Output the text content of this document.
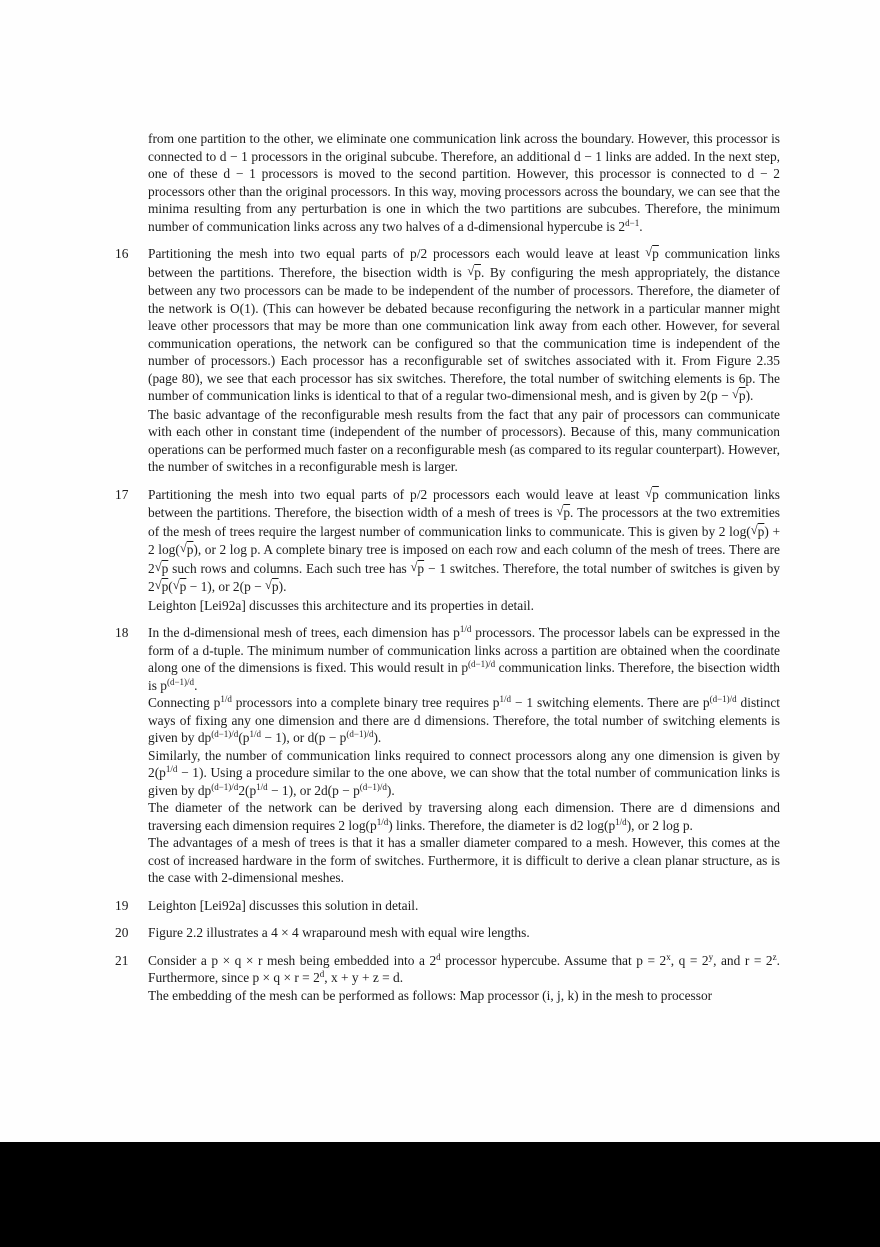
from one partition to the other, we eliminate one communication link across the boundary. However, this processor is connected to d − 1 processors in the original subcube. Therefore, an additional d − 1 links are added. In the next step, one of these d − 1 processors is moved to the second partition. However, this processor is connected to d − 2 processors other than the original processors. In this way, moving processors across the boundary, we can see that the minima resulting from any perturbation is one in which the two partitions are subcubes. Therefore, the minimum number of communication links across any two halves of a d-dimensional hypercube is $2^{d-1}$.

16	Partitioning the mesh into two equal parts of p/2 processors each would leave at least √p communication links between the partitions. Therefore, the bisection width is √p. By configuring the mesh appropriately, the distance between any two processors can be made to be independent of the number of processors. Therefore, the diameter of the network is O(1). (This can however be debated because reconfiguring the network in a particular manner might leave other processors that may be more than one communication link away from each other. However, for several communication operations, the network can be configured so that the communication time is independent of the number of processors.) Each processor has a reconfigurable set of switches associated with it. From Figure 2.35 (page 80), we see that each processor has six switches. Therefore, the total number of switching elements is 6p. The number of communication links is identical to that of a regular two-dimensional mesh, and is given by 2(p − √p).

The basic advantage of the reconfigurable mesh results from the fact that any pair of processors can communicate with each other in constant time (independent of the number of processors). Because of this, many communication operations can be performed much faster on a reconfigurable mesh (as compared to its regular counterpart). However, the number of switches in a reconfigurable mesh is larger.

17	Partitioning the mesh into two equal parts of p/2 processors each would leave at least √p communication links between the partitions. Therefore, the bisection width of a mesh of trees is √p. The processors at the two extremities of the mesh of trees require the largest number of communication links to communicate. This is given by 2 log(√p) + 2 log(√p), or 2 log p. A complete binary tree is imposed on each row and each column of the mesh of trees. There are 2√p such rows and columns. Each such tree has √p − 1 switches. Therefore, the total number of switches is given by 2√p(√p − 1), or 2(p − √p).

Leighton [Lei92a] discusses this architecture and its properties in detail.

18	In the d-dimensional mesh of trees, each dimension has $p^{1/d}$ processors. The processor labels can be expressed in the form of a d-tuple. The minimum number of communication links across a partition are obtained when the coordinate along one of the dimensions is fixed. This would result in $p^{(d-1)/d}$ communication links. Therefore, the bisection width is $p^{(d-1)/d}$.

Connecting $p^{1/d}$ processors into a complete binary tree requires $p^{1/d} - 1$ switching elements. There are $p^{(d-1)/d}$ distinct ways of fixing any one dimension and there are d dimensions. Therefore, the total number of switching elements is given by $dp^{(d-1)/d}(p^{1/d} - 1)$, or $d(p - p^{(d-1)/d})$.

Similarly, the number of communication links required to connect processors along any one dimension is given by $2(p^{1/d} - 1)$. Using a procedure similar to the one above, we can show that the total number of communication links is given by $dp^{(d-1)/d}2(p^{1/d} - 1)$, or $2d(p - p^{(d-1)/d})$.

The diameter of the network can be derived by traversing along each dimension. There are d dimensions and traversing each dimension requires 2 $\log(p^{1/d})$ links. Therefore, the diameter is d2 $\log(p^{1/d})$, or 2 log p.

The advantages of a mesh of trees is that it has a smaller diameter compared to a mesh. However, this comes at the cost of increased hardware in the form of switches. Furthermore, it is difficult to derive a clean planar structure, as is the case with 2-dimensional meshes.

19	Leighton [Lei92a] discusses this solution in detail.

20	Figure 2.2 illustrates a 4 × 4 wraparound mesh with equal wire lengths.

21	Consider a p × q × r mesh being embedded into a 2$^d$ processor hypercube. Assume that $p = 2^x$, $q = 2^y$, and $r = 2^z$. Furthermore, since $p \times q \times r = 2^d$, x + y + z = d.

The embedding of the mesh can be performed as follows: Map processor (i, j, k) in the mesh to processor
